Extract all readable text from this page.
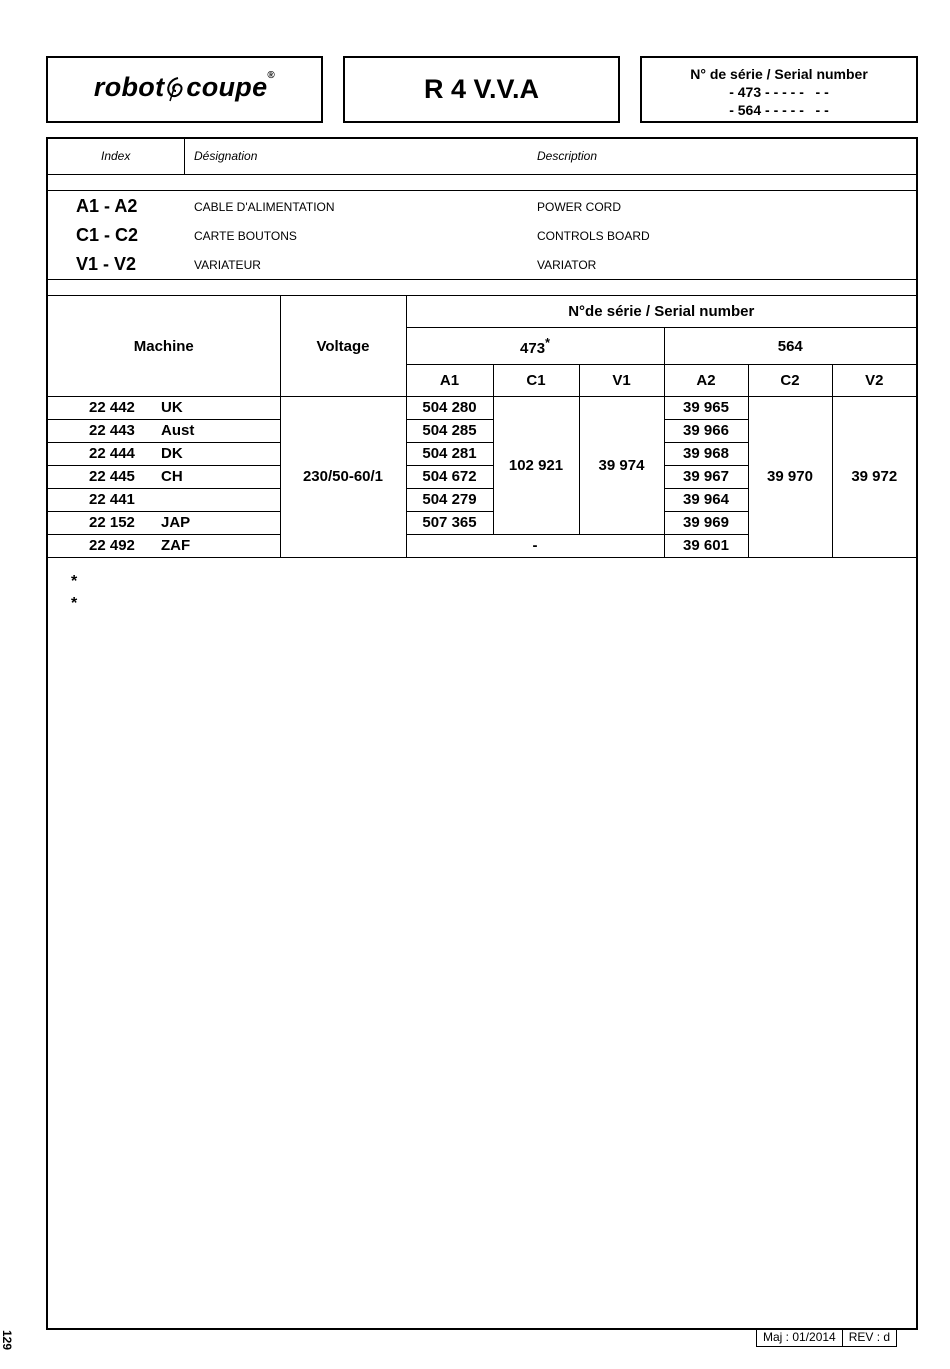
robot coupe®	R 4 V.V.A	N° de série / Serial number
- 473 - - - - -   - -
- 564 - - - - -   - -
Index	Désignation	Description
A1 - A2	CABLE D'ALIMENTATION	POWER CORD
C1 - C2	CARTE BOUTONS	CONTROLS BOARD
V1 - V2	VARIATEUR	VARIATOR
Machine	Voltage	N°de série / Serial number					
		473*			564		
		A1	C1	V1	A2	C2	V2
22 442 UK	230/50-60/1	504 280	102 921	39 974	39 965	39 970	39 972
22 443 Aust		504 285			39 966		
22 444 DK		504 281			39 968		
22 445 CH		504 672			39 967		
22 441		504 279			39 964		
22 152 JAP		507 365			39 969		
22 492 ZAF		-			39 601		
*
*
Maj : 01/2014	REV : d
129
